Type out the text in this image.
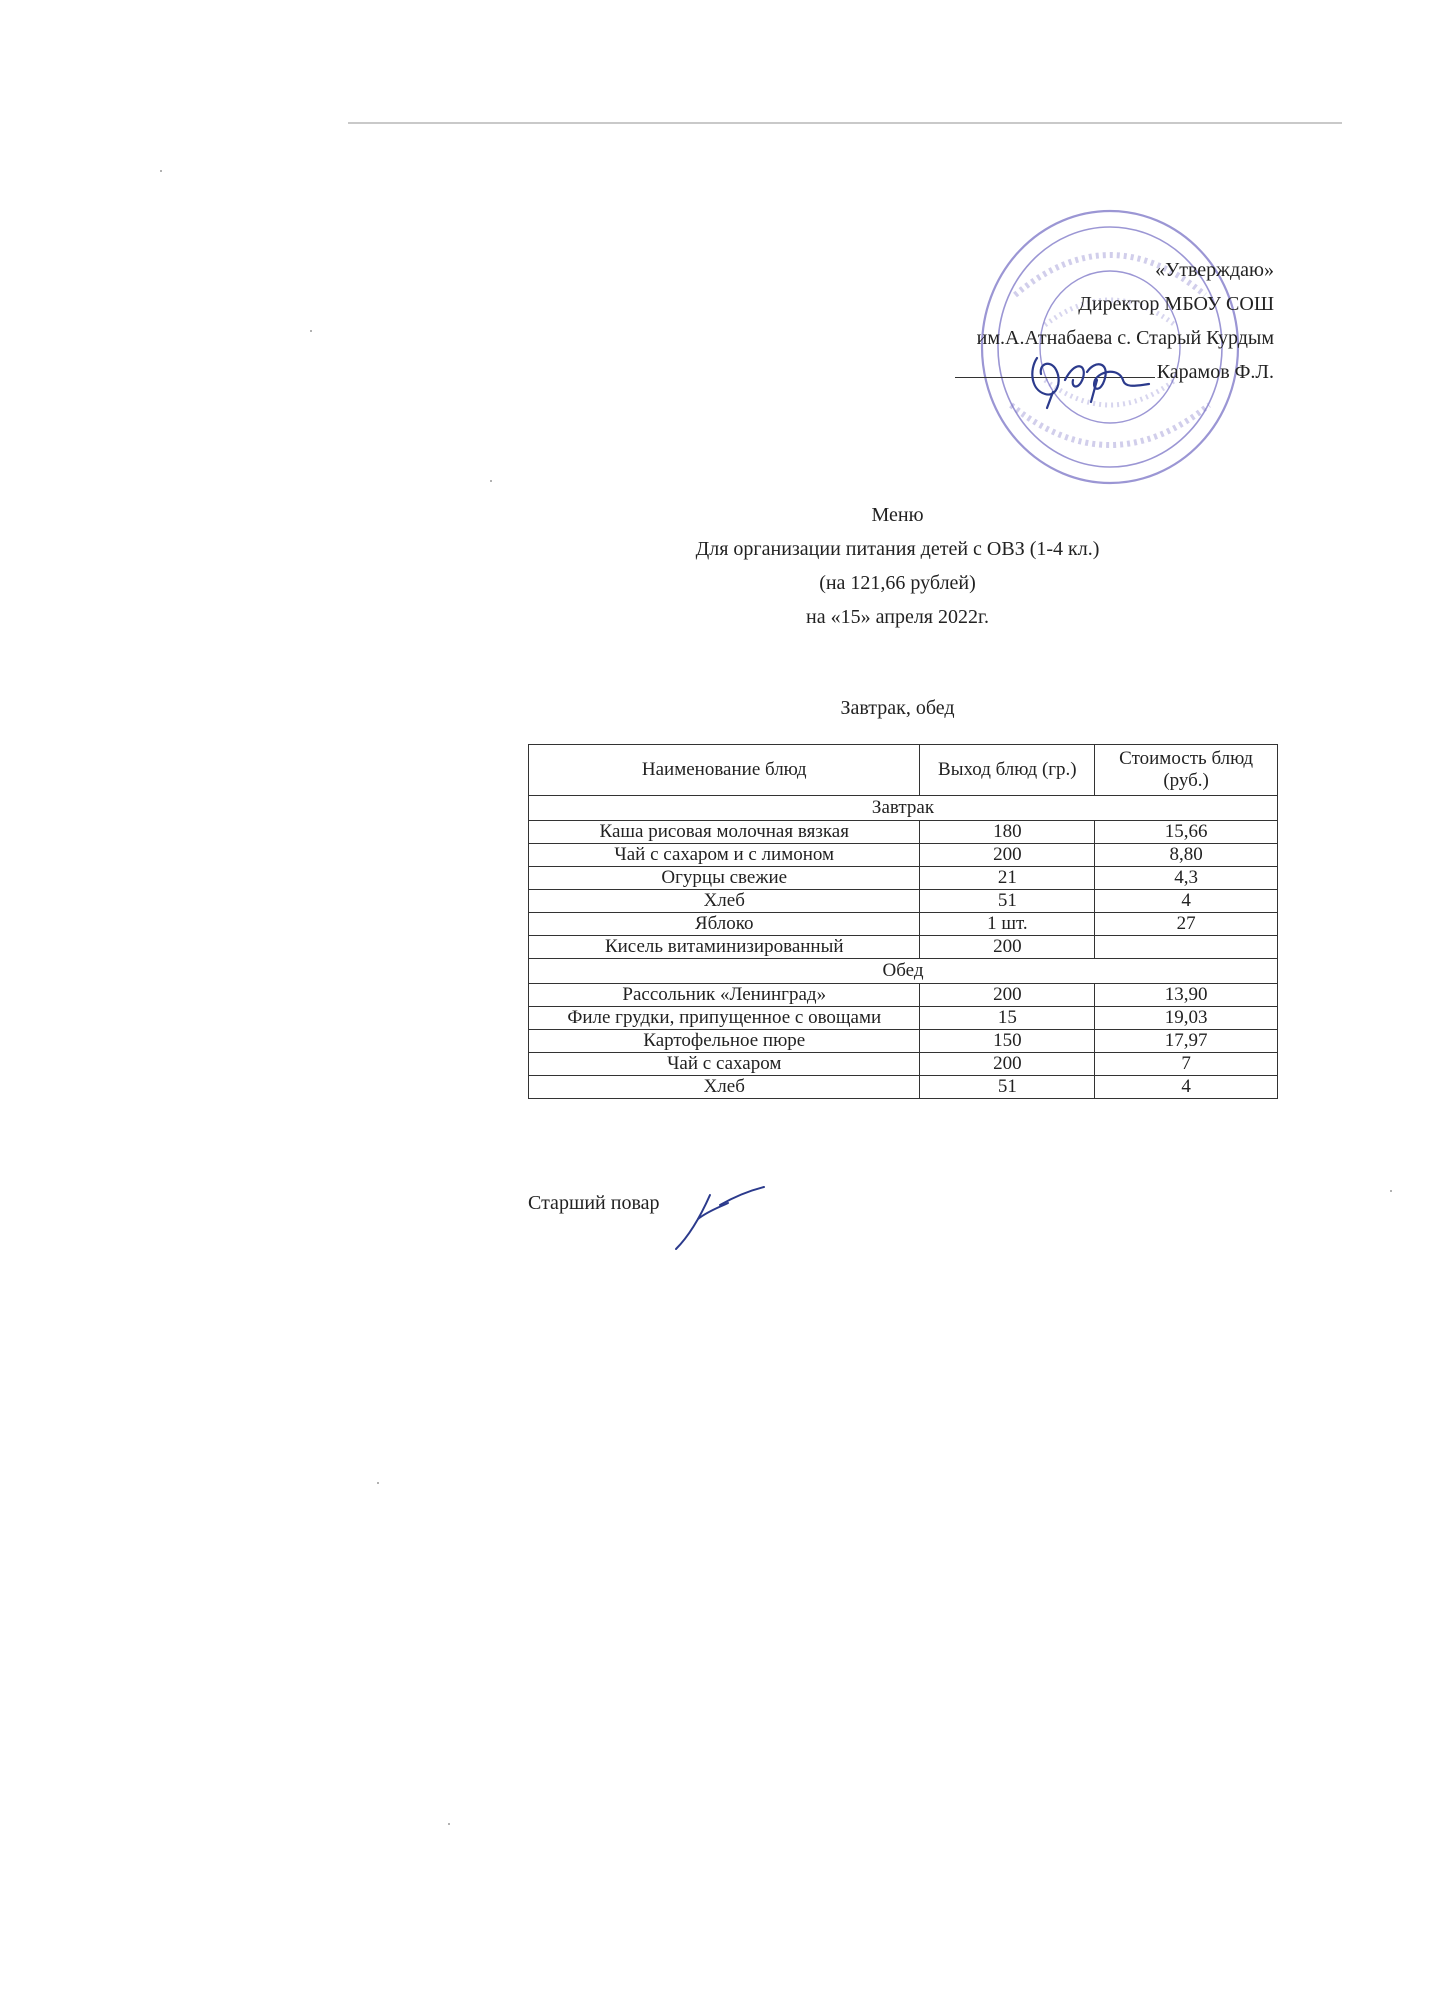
«Утверждаю»
Директор МБОУ СОШ
им.А.Атнабаева с. Старый Курдым
Карамов Ф.Л.
Меню
Для организации питания детей с ОВЗ (1-4 кл.)
(на 121,66 рублей)
на «15» апреля 2022г.
Завтрак, обед
Наименование блюд	Выход блюд (гр.)	Стоимость блюд (руб.)
Завтрак		
Каша рисовая молочная вязкая	180	15,66
Чай с сахаром и с лимоном	200	8,80
Огурцы свежие	21	4,3
Хлеб	51	4
Яблоко	1 шт.	27
Кисель витаминизированный	200	
Обед		
Рассольник «Ленинград»	200	13,90
Филе грудки, припущенное с овощами	15	19,03
Картофельное пюре	150	17,97
Чай с сахаром	200	7
Хлеб	51	4
Старший повар
